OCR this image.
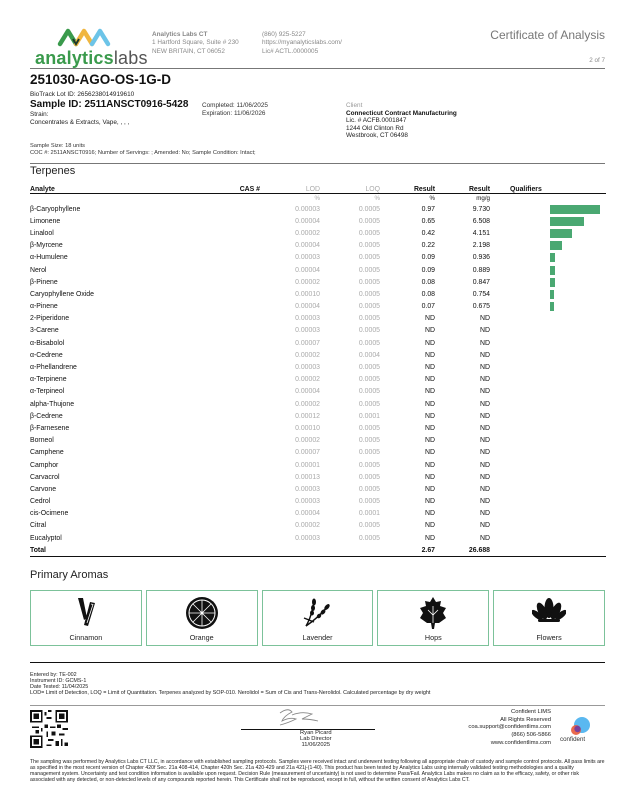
analyticslabs
Analytics Labs CT
1 Hartford Square, Suite # 230
NEW BRITAIN, CT 06052
(860) 925-5227
https://myanalyticslabs.com/
Lic# ACTL.0000005
Certificate of Analysis
2 of 7
251030-AGO-OS-1G-D
BioTrack Lot ID: 2656238014919610
Sample ID: 2511ANSCT0916-5428 Completed: 11/06/2025
Expiration: 11/06/2026
Strain:
Concentrates & Extracts, Vape, , , ,
Client
Connecticut Contract Manufacturing
Lic. # ACFB.0001847
1244 Old Clinton Rd
Westbrook, CT 06498
Sample Size: 18 units
COC #: 2511ANSCT0916; Number of Servings: ; Amended: No; Sample Condition: Intact;
Terpenes
Analyte	CAS #	LOD	LOQ	Result	Result	Qualifiers
		%	%	%	mg/g	
β-Caryophyllene		0.00003	0.0005	0.97	9.730	

Limonene		0.00004	0.0005	0.65	6.508	

Linalool		0.00002	0.0005	0.42	4.151	

β-Myrcene		0.00004	0.0005	0.22	2.198	

α-Humulene		0.00003	0.0005	0.09	0.936	

Nerol		0.00004	0.0005	0.09	0.889	

β-Pinene		0.00002	0.0005	0.08	0.847	

Caryophyllene Oxide		0.00010	0.0005	0.08	0.754	

α-Pinene		0.00004	0.0005	0.07	0.675	

2-Piperidone		0.00003	0.0005	ND	ND	
3-Carene		0.00003	0.0005	ND	ND	
α-Bisabolol		0.00007	0.0005	ND	ND	
α-Cedrene		0.00002	0.0004	ND	ND	
α-Phellandrene		0.00003	0.0005	ND	ND	
α-Terpinene		0.00002	0.0005	ND	ND	
α-Terpineol		0.00004	0.0005	ND	ND	
alpha-Thujone		0.00002	0.0005	ND	ND	
β-Cedrene		0.00012	0.0001	ND	ND	
β-Farnesene		0.00010	0.0005	ND	ND	
Borneol		0.00002	0.0005	ND	ND	
Camphene		0.00007	0.0005	ND	ND	
Camphor		0.00001	0.0005	ND	ND	
Carvacrol		0.00013	0.0005	ND	ND	
Carvone		0.00003	0.0005	ND	ND	
Cedrol		0.00003	0.0005	ND	ND	
cis-Ocimene		0.00004	0.0001	ND	ND	
Citral		0.00002	0.0005	ND	ND	
Eucalyptol		0.00003	0.0005	ND	ND	
Total				2.67	26.688	
Primary Aromas
Cinnamon	Orange	Lavender	Hops	Flowers
Entered by: TE-002
Instrument ID: GCMS-1
Date Tested: 11/04/2025
LOD= Limit of Detection, LOQ = Limit of Quantitation. Terpenes analyzed by SOP-010. Nerolidol = Sum of Cis and Trans-Nerolidol. Calculated percentage by dry weight
Ryan Picard
Lab Director
11/06/2025
Confident LIMS
All Rights Reserved
coa.support@confidentlims.com
(866) 506-5866
www.confidentlims.com confident
The sampling was performed by Analytics Labs CT LLC, in accordance with established sampling protocols. Samples were received intact and underwent testing following all appropriate chain of custody and sample control protocols. All pass limits are as specified in the most recent version of Chapter 420f Sec. 21a 408-414, Chapter 420h Sec. 21a 420-429 and 21a 421j-(1-40). This product has been tested by Analytics Labs using internally validated testing methodologies and a quality management system. Uncertainty and test condition information is available upon request. Decision Rule (measurement of uncertainty) is not used to determine Pass/Fail. Analytics Labs makes no claim as to the efficacy, safety, or other risk associated with any detected, or non-detected levels of any compounds reported herein. This Certificate shall not be reproduced, except in full, without the written consent of Analytics Labs CT.
